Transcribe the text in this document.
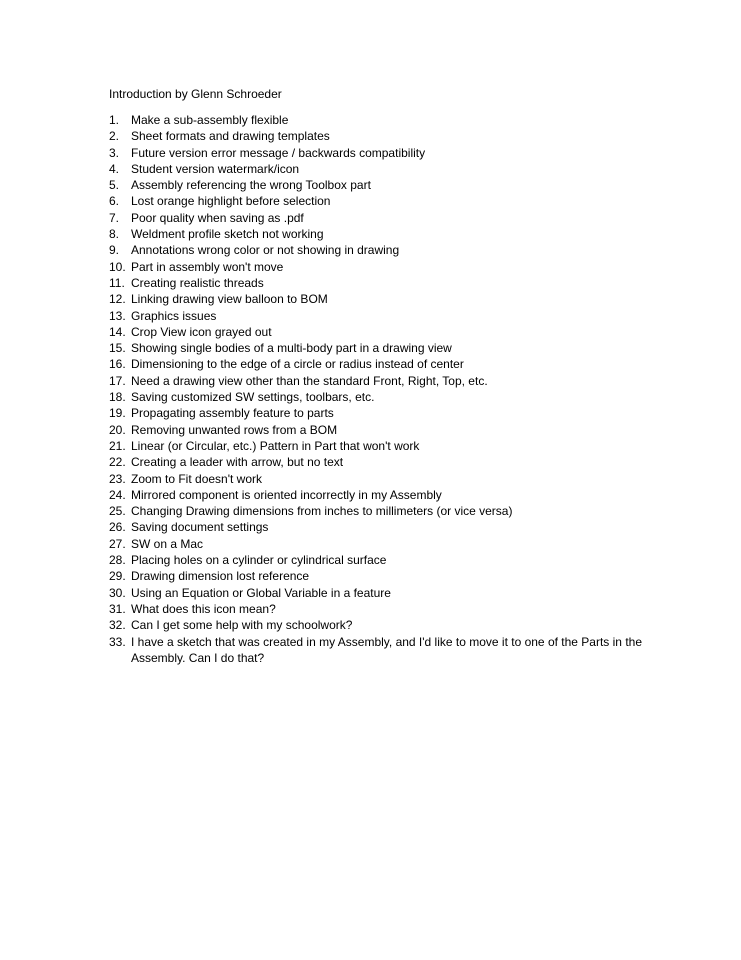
Introduction by Glenn Schroeder
1. Make a sub-assembly flexible
2. Sheet formats and drawing templates
3. Future version error message / backwards compatibility
4. Student version watermark/icon
5. Assembly referencing the wrong Toolbox part
6. Lost orange highlight before selection
7. Poor quality when saving as .pdf
8. Weldment profile sketch not working
9. Annotations wrong color or not showing in drawing
10. Part in assembly won't move
11. Creating realistic threads
12. Linking drawing view balloon to BOM
13. Graphics issues
14. Crop View icon grayed out
15. Showing single bodies of a multi-body part in a drawing view
16. Dimensioning to the edge of a circle or radius instead of center
17. Need a drawing view other than the standard Front, Right, Top, etc.
18. Saving customized SW settings, toolbars, etc.
19. Propagating assembly feature to parts
20. Removing unwanted rows from a BOM
21. Linear (or Circular, etc.) Pattern in Part that won't work
22. Creating a leader with arrow, but no text
23. Zoom to Fit doesn't work
24. Mirrored component is oriented incorrectly in my Assembly
25. Changing Drawing dimensions from inches to millimeters (or vice versa)
26. Saving document settings
27. SW on a Mac
28. Placing holes on a cylinder or cylindrical surface
29. Drawing dimension lost reference
30. Using an Equation or Global Variable in a feature
31. What does this icon mean?
32. Can I get some help with my schoolwork?
33. I have a sketch that was created in my Assembly, and I'd like to move it to one of the Parts in the Assembly. Can I do that?
